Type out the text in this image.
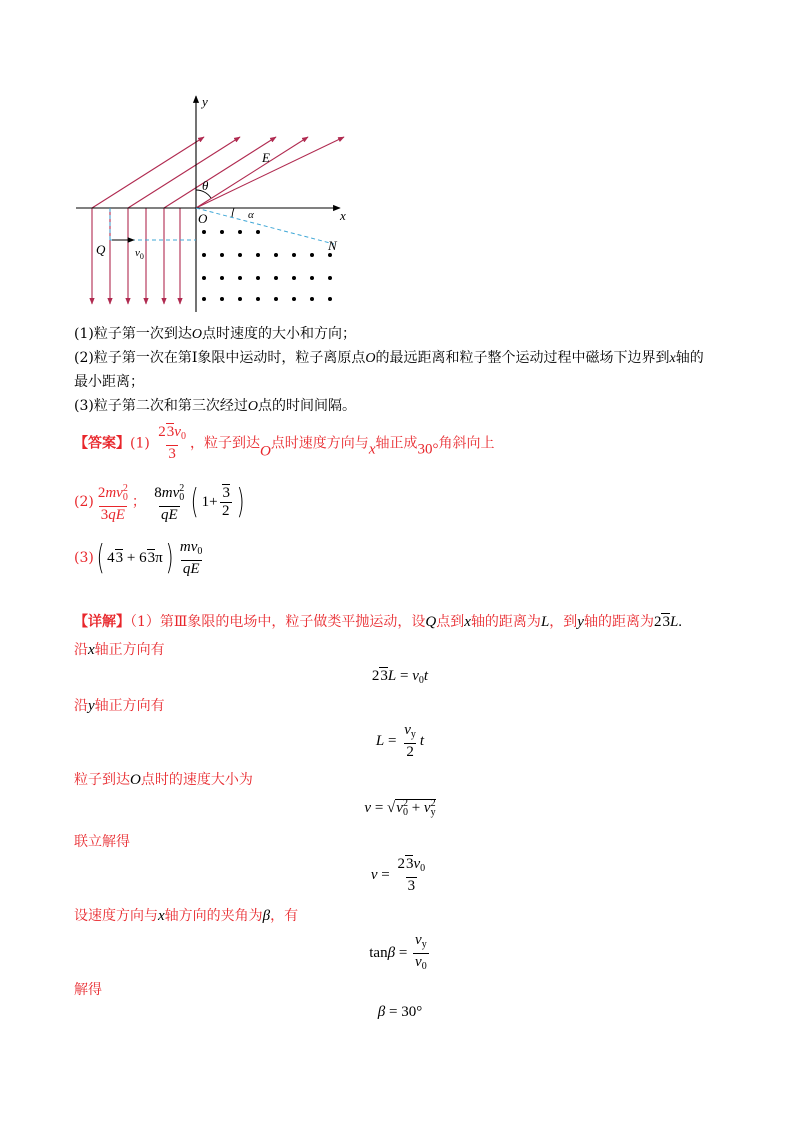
y
x
E
θ
O	α
Q	$v_0$
N
(1)粒子第一次到达O点时速度的大小和方向；
(2)粒子第一次在第Ⅰ象限中运动时，粒子离原点O的最远距离和粒子整个运动过程中磁场下边界到x轴的
最小距离；
(3)粒子第二次和第三次经过O点的时间间隔。
【答案】$(1) \frac{23v_0}{3}$ ，粒子到达O点时速度方向与x轴正成30°角斜向上
$(2) \frac{2mv^2_0}{3qE}$ ； $\frac{8mv^2_0}{qE}$ ( $1+ \frac{3}{2}$ )
(3)( $43 + 63\pi) \frac{mv_0}{qE}$
【详解】（1）第Ⅲ象限的电场中，粒子做类平抛运动，设Q点到x轴的距离为L，到y轴的距离为23L.
沿x轴正方向有
$23L = v_0t$
沿y轴正方向有
$L = \frac{v_y}{2}$ t
粒子到达O点时的速度大小为
$v = √v^2_0 + v^2_y$
联立解得
$v = \frac{23v_0}{3}$
设速度方向与x轴方向的夹角为β，有
$\tan\beta = \frac{v_y}{v_0}$
解得
β = 30°
